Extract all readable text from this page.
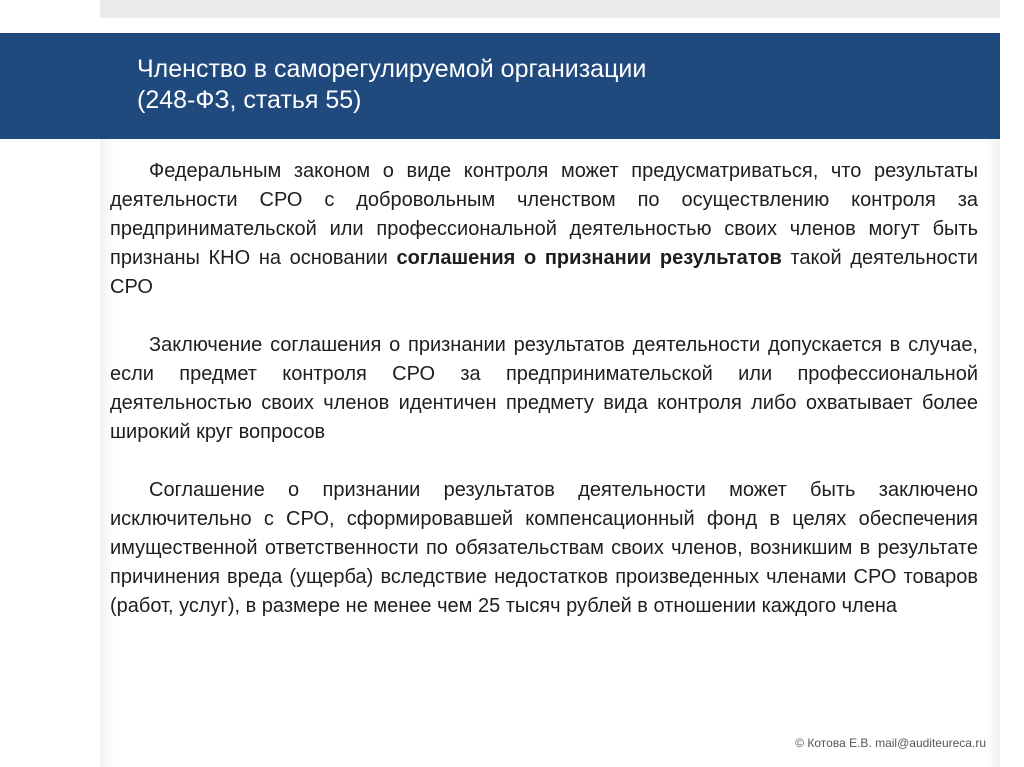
Членство в саморегулируемой организации
(248-ФЗ, статья 55)

Федеральным законом о виде контроля может предусматриваться, что результаты деятельности СРО с добровольным членством по осуществлению контроля за предпринимательской или профессиональной деятельностью своих членов могут быть признаны КНО на основании соглашения о признании результатов такой деятельности СРО

Заключение соглашения о признании результатов деятельности допускается в случае, если предмет контроля СРО за предпринимательской или профессиональной деятельностью своих членов идентичен предмету вида контроля либо охватывает более широкий круг вопросов

Соглашение о признании результатов деятельности может быть заключено исключительно с СРО, сформировавшей компенсационный фонд в целях обеспечения имущественной ответственности по обязательствам своих членов, возникшим в результате причинения вреда (ущерба) вследствие недостатков произведенных членами СРО товаров (работ, услуг), в размере не менее чем 25 тысяч рублей в отношении каждого члена

© Котова Е.В. mail@auditeureca.ru
